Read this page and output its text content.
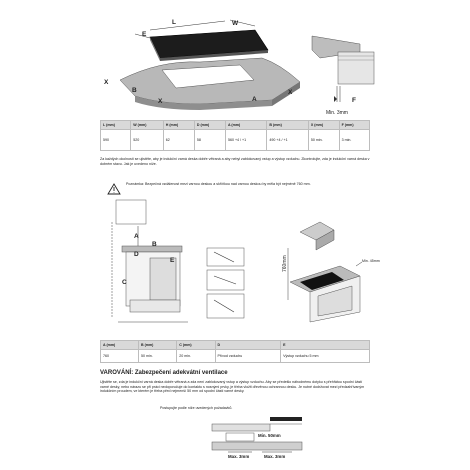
L	W
E
X
B
X	A
X
F
Min. 3mm
A
B
D
E
C
760mm	Min. 45mm
Min. 50mm
Max. 3mm	Max. 3mm
L (mm)	W (mm)	H (mm)	D (mm)	A (mm)	B (mm)	X (mm)	F (mm)
590	520	62	58	560 +4 / +1	490 +4 / +1	50 min.	3 min.
Za každých okolností se ujistěte, aby je indukční varná deska dobře větraná a aby nebyl zablokovaný vstup a výstup vzduchu. Zkontrolujte, zda je indukční varná deska v dobrém stavu. Jak je uvedeno níže.
Poznámka: Bezpečná vzdálenost mezi varnou deskou a skříňkou nad varnou deskou by měla být nejméně 760 mm.
A (mm)	B (mm)	C (mm)	D	E
760	50 min.	20 min.	Přívod vzduchu	Výstup vzduchu 5 mm
VAROVÁNÍ: Zabezpečení adekvátní ventilace
Ujistěte se, zda je indukční varná deska dobře větraná a zda není zablokovaný vstup a výstup vzduchu. Aby se předešlo náhodnému dotyku s přehřátou spodní částí varné desky, nebo nárazu se při práci nedoporučuje do kontaktu s nosnými prvky, je třeba vložit dřevěnou ochrannou desku. Je nutné dodržovat mezi předzahřívaným indukčním proudem, ve kterém je třeba před nejmenší 50 mm od spodní části varné desky.
Postupujte podle níže uvedených požadavků.
